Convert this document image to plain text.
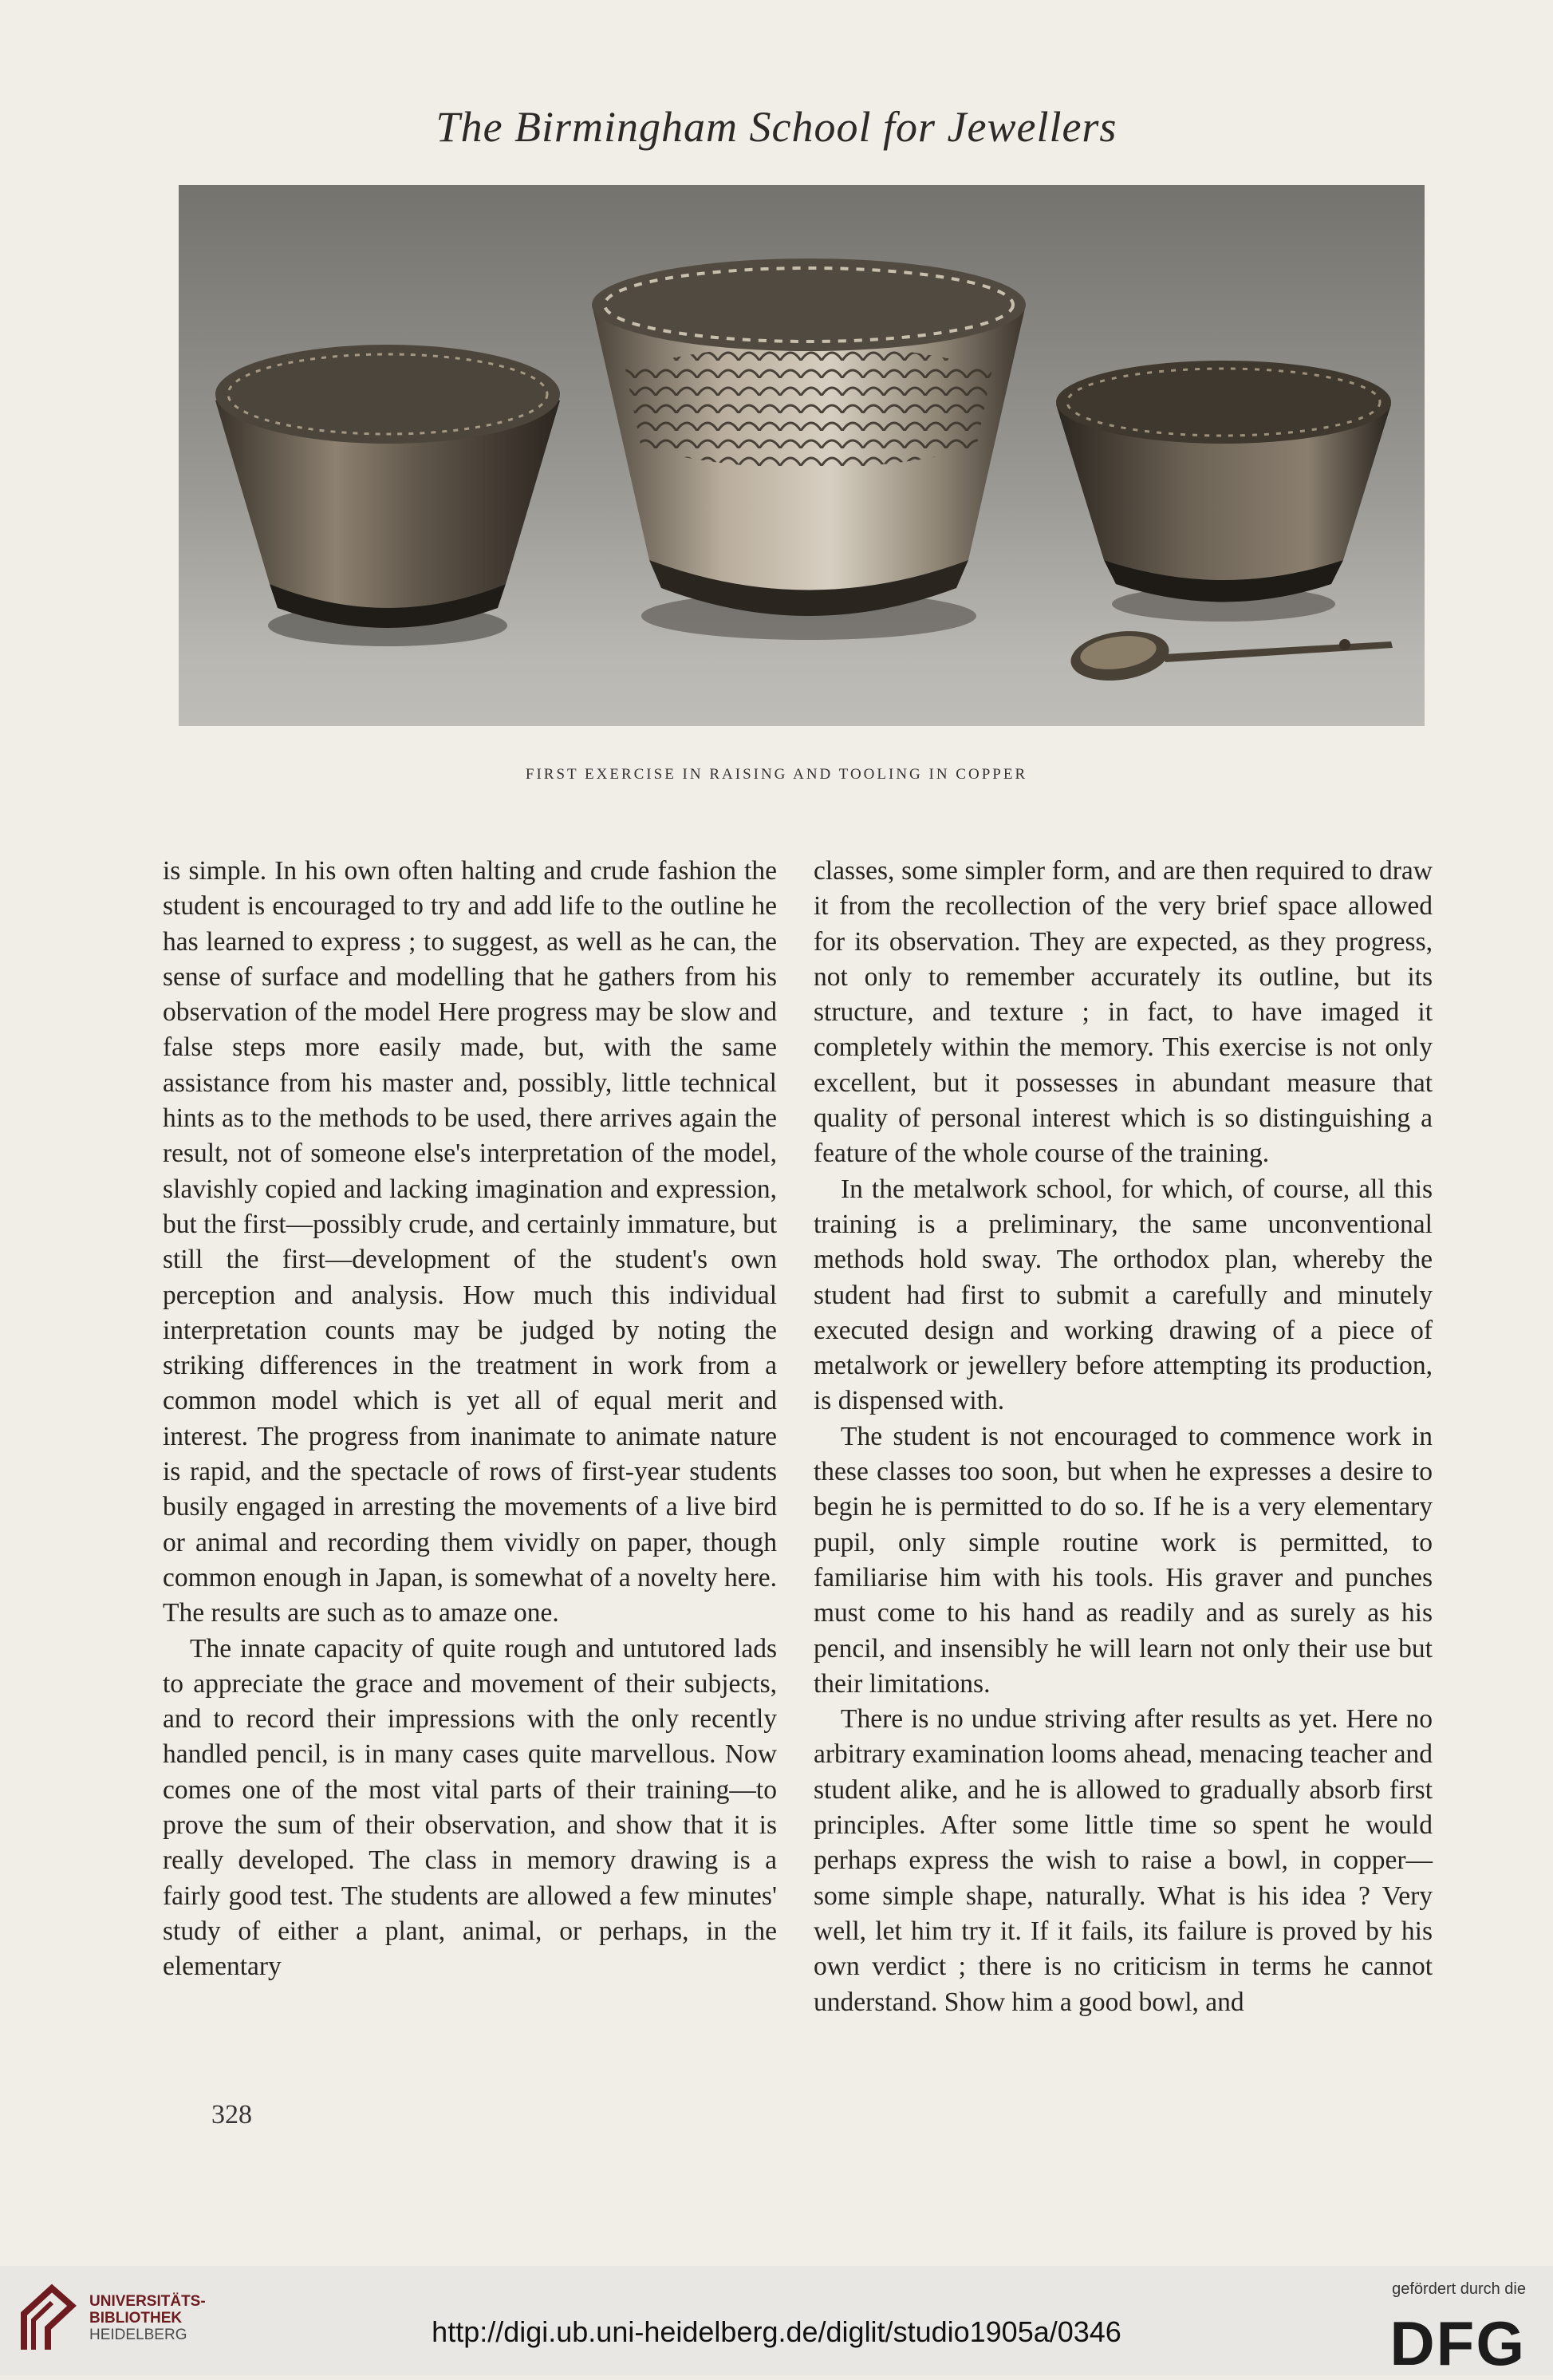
The Birmingham School for Jewellers
FIRST EXERCISE IN RAISING AND TOOLING IN COPPER

is simple. In his own often halting and crude fashion the student is encouraged to try and add life to the outline he has learned to express ; to suggest, as well as he can, the sense of surface and modelling that he gathers from his observation of the model Here progress may be slow and false steps more easily made, but, with the same assistance from his master and, possibly, little technical hints as to the methods to be used, there arrives again the result, not of someone else's interpretation of the model, slavishly copied and lacking imagination and expression, but the first—possibly crude, and certainly immature, but still the first—development of the student's own perception and analysis. How much this individual interpretation counts may be judged by noting the striking differences in the treatment in work from a common model which is yet all of equal merit and interest. The progress from inanimate to animate nature is rapid, and the spectacle of rows of first-year students busily engaged in arresting the movements of a live bird or animal and recording them vividly on paper, though common enough in Japan, is somewhat of a novelty here. The results are such as to amaze one.

The innate capacity of quite rough and untutored lads to appreciate the grace and movement of their subjects, and to record their impressions with the only recently handled pencil, is in many cases quite marvellous. Now comes one of the most vital parts of their training—to prove the sum of their observation, and show that it is really developed. The class in memory drawing is a fairly good test. The students are allowed a few minutes' study of either a plant, animal, or perhaps, in the elementary

classes, some simpler form, and are then required to draw it from the recollection of the very brief space allowed for its observation. They are expected, as they progress, not only to remember accurately its outline, but its structure, and texture ; in fact, to have imaged it completely within the memory. This exercise is not only excellent, but it possesses in abundant measure that quality of personal interest which is so distinguishing a feature of the whole course of the training.

In the metalwork school, for which, of course, all this training is a preliminary, the same unconventional methods hold sway. The orthodox plan, whereby the student had first to submit a carefully and minutely executed design and working drawing of a piece of metalwork or jewellery before attempting its production, is dispensed with.

The student is not encouraged to commence work in these classes too soon, but when he expresses a desire to begin he is permitted to do so. If he is a very elementary pupil, only simple routine work is permitted, to familiarise him with his tools. His graver and punches must come to his hand as readily and as surely as his pencil, and insensibly he will learn not only their use but their limitations.

There is no undue striving after results as yet. Here no arbitrary examination looms ahead, menacing teacher and student alike, and he is allowed to gradually absorb first principles. After some little time so spent he would perhaps express the wish to raise a bowl, in copper—some simple shape, naturally. What is his idea ? Very well, let him try it. If it fails, its failure is proved by his own verdict ; there is no criticism in terms he cannot understand. Show him a good bowl, and

328
UNIVERSITÄTS-
BIBLIOTHEK
HEIDELBERG	http://digi.ub.uni-heidelberg.de/diglit/studio1905a/0346
gefördert durch die
DFG
